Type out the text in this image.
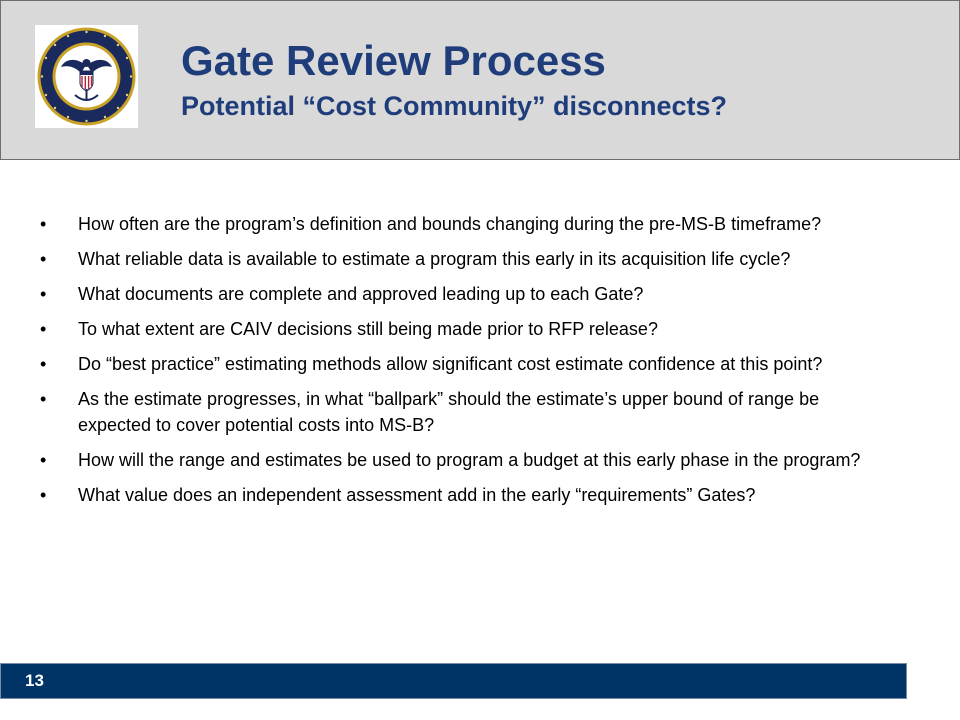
Gate Review Process
Potential “Cost Community” disconnects?
•	How often are the program’s definition and bounds changing during the pre-MS-B timeframe?
•	What reliable data is available to estimate a program this early in its acquisition life cycle?
•	What documents are complete and approved leading up to each Gate?
•	To what extent are CAIV decisions still being made prior to RFP release?
•	Do “best practice” estimating methods allow significant cost estimate confidence at this point?
•	As the estimate progresses, in what “ballpark” should the estimate’s upper bound of range be expected to cover potential costs into MS-B?
•	How will the range and estimates be used to program a budget at this early phase in the program?
•	What value does an independent assessment add in the early “requirements” Gates?
13
